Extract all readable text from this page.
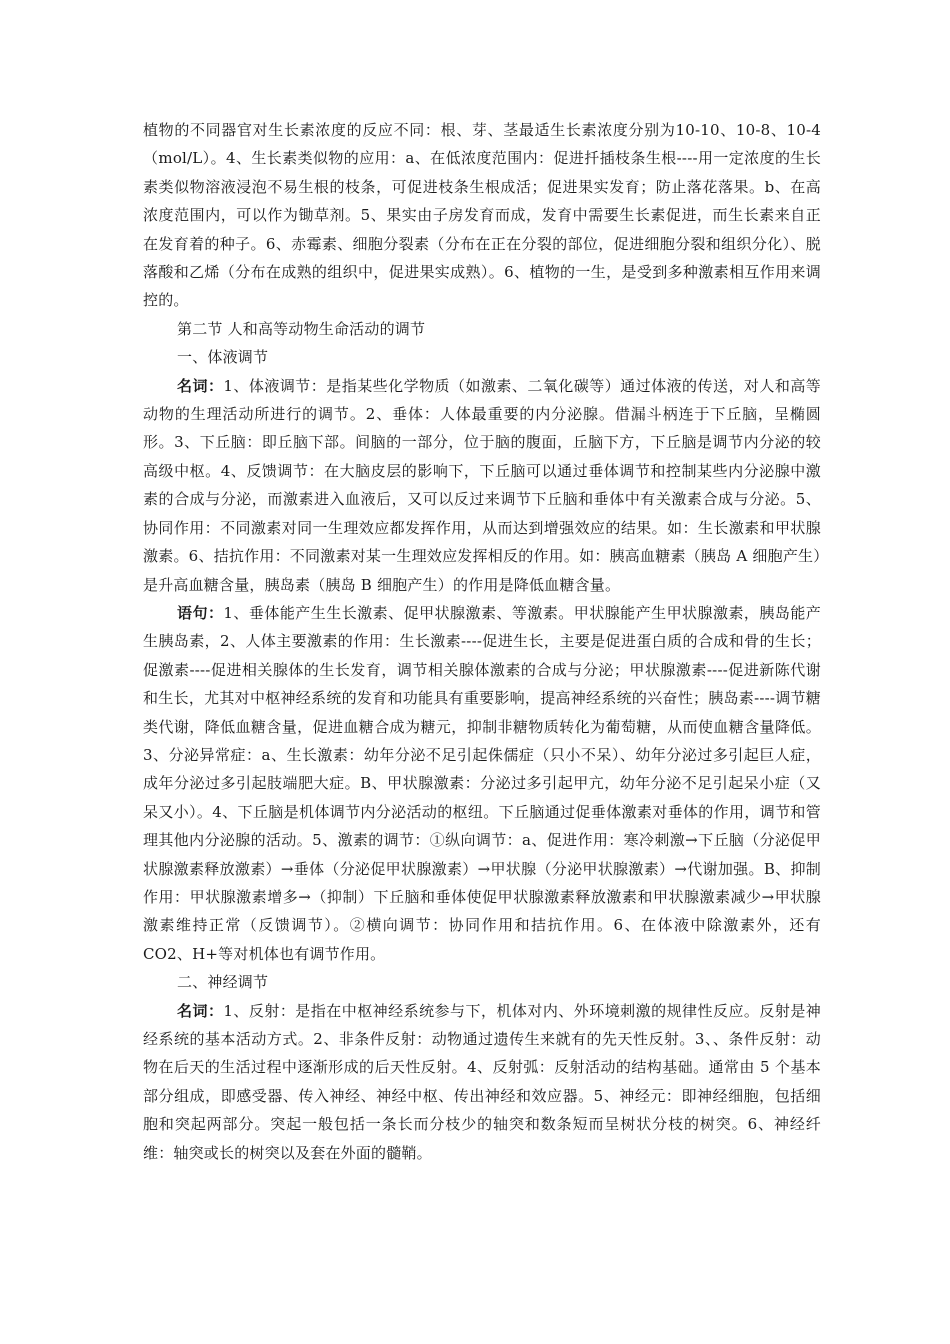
植物的不同器官对生长素浓度的反应不同：根、芽、茎最适生长素浓度分别为10-10、10-8、10-4（mol/L）。4、生长素类似物的应用：a、在低浓度范围内：促进扦插枝条生根----用一定浓度的生长素类似物溶液浸泡不易生根的枝条，可促进枝条生根成活；促进果实发育；防止落花落果。b、在高浓度范围内，可以作为锄草剂。5、果实由子房发育而成，发育中需要生长素促进，而生长素来自正在发育着的种子。6、赤霉素、细胞分裂素（分布在正在分裂的部位，促进细胞分裂和组织分化）、脱落酸和乙烯（分布在成熟的组织中，促进果实成熟）。6、植物的一生，是受到多种激素相互作用来调控的。

第二节 人和高等动物生命活动的调节

一、体液调节

名词：1、体液调节：是指某些化学物质（如激素、二氧化碳等）通过体液的传送，对人和高等动物的生理活动所进行的调节。2、垂体：人体最重要的内分泌腺。借漏斗柄连于下丘脑，呈椭圆形。3、下丘脑：即丘脑下部。间脑的一部分，位于脑的腹面，丘脑下方，下丘脑是调节内分泌的较高级中枢。4、反馈调节：在大脑皮层的影响下，下丘脑可以通过垂体调节和控制某些内分泌腺中激素的合成与分泌，而激素进入血液后，又可以反过来调节下丘脑和垂体中有关激素合成与分泌。5、协同作用：不同激素对同一生理效应都发挥作用，从而达到增强效应的结果。如：生长激素和甲状腺激素。6、拮抗作用：不同激素对某一生理效应发挥相反的作用。如：胰高血糖素（胰岛 A 细胞产生）是升高血糖含量，胰岛素（胰岛 B 细胞产生）的作用是降低血糖含量。

语句：1、垂体能产生生长激素、促甲状腺激素、等激素。甲状腺能产生甲状腺激素，胰岛能产生胰岛素，2、人体主要激素的作用：生长激素----促进生长，主要是促进蛋白质的合成和骨的生长；促激素----促进相关腺体的生长发育，调节相关腺体激素的合成与分泌；甲状腺激素----促进新陈代谢和生长，尤其对中枢神经系统的发育和功能具有重要影响，提高神经系统的兴奋性；胰岛素----调节糖类代谢，降低血糖含量，促进血糖合成为糖元，抑制非糖物质转化为葡萄糖，从而使血糖含量降低。3、分泌异常症：a、生长激素：幼年分泌不足引起侏儒症（只小不呆）、幼年分泌过多引起巨人症，成年分泌过多引起肢端肥大症。B、甲状腺激素：分泌过多引起甲亢，幼年分泌不足引起呆小症（又呆又小）。4、下丘脑是机体调节内分泌活动的枢纽。下丘脑通过促垂体激素对垂体的作用，调节和管理其他内分泌腺的活动。5、激素的调节：①纵向调节：a、促进作用：寒冷刺激→下丘脑（分泌促甲状腺激素释放激素）→垂体（分泌促甲状腺激素）→甲状腺（分泌甲状腺激素）→代谢加强。B、抑制作用：甲状腺激素增多→（抑制）下丘脑和垂体使促甲状腺激素释放激素和甲状腺激素减少→甲状腺激素维持正常（反馈调节）。②横向调节：协同作用和拮抗作用。6、在体液中除激素外，还有 CO2、H+等对机体也有调节作用。

二、神经调节

名词：1、反射：是指在中枢神经系统参与下，机体对内、外环境刺激的规律性反应。反射是神经系统的基本活动方式。2、非条件反射：动物通过遗传生来就有的先天性反射。3、、条件反射：动物在后天的生活过程中逐渐形成的后天性反射。4、反射弧：反射活动的结构基础。通常由 5 个基本部分组成，即感受器、传入神经、神经中枢、传出神经和效应器。5、神经元：即神经细胞，包括细胞和突起两部分。突起一般包括一条长而分枝少的轴突和数条短而呈树状分枝的树突。6、神经纤维：轴突或长的树突以及套在外面的髓鞘。
